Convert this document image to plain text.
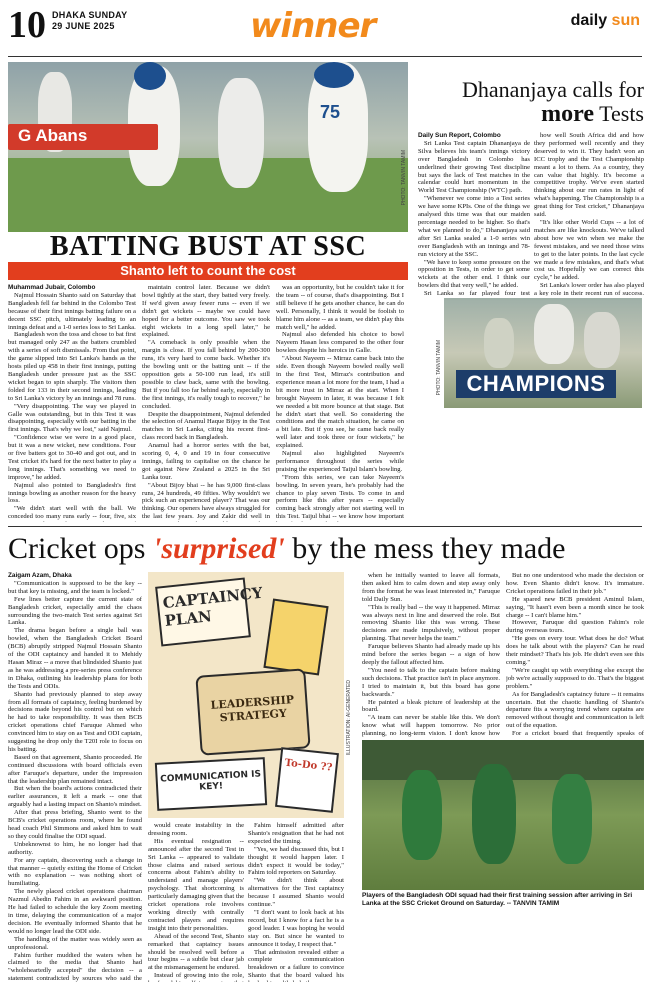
10 DHAKA SUNDAY
29 JUNE 2025	winner	daily sun
G Abans
75
PHOTO: TANVIN TAMIM
BATTING BUST AT SSC
Shanto left to count the cost

Muhammad Jubair, Colombo

Najmul Hossain Shanto said on Saturday that Bangladesh fell far behind in the Colombo Test because of their first innings batting failure on a decent SSC pitch, ultimately leading to an innings defeat and a 1-0 series loss to Sri Lanka.

Bangladesh won the toss and chose to bat first but managed only 247 as the batters crumbled with a series of soft dismissals. From that point, the game slipped into Sri Lanka's hands as the hosts piled up 458 in their first innings, putting Bangladesh under pressure just as the SSC wicket began to spin sharply. The visitors then folded for 133 in their second innings, leading to Sri Lanka's victory by an innings and 78 runs.

"Very disappointing. The way we played in Galle was outstanding, but in this Test it was disappointing, especially with our batting in the first innings. That's why we lost," said Najmul.

"Confidence wise we were in a good place, but it was a new wicket, new conditions. Four or five batters got to 30-40 and got out, and in Test cricket it's hard for the next batter to play a long innings. That's something we need to improve," he added.

Najmul also pointed to Bangladesh's first innings bowling as another reason for the heavy loss.

"We didn't start well with the ball. We conceded too many runs early -- four, five, six

maintain control later. Because we didn't bowl tightly at the start, they batted very freely. If we'd given away fewer runs -- even if we didn't get wickets -- maybe we could have hoped for a better outcome. You saw we took eight wickets in a long spell later," he explained.

"A comeback is only possible when the margin is close. If you fall behind by 200-300 runs, it's very hard to come back. Whether it's the bowling unit or the batting unit -- if the opposition gets a 50-100 run lead, it's still possible to claw back, same with the bowling. But if you fall too far behind early, especially in the first innings, it's really tough to recover," he concluded.

Despite the disappointment, Najmul defended the selection of Anamul Haque Bijoy in the Test matches in Sri Lanka, citing his recent first-class record back in Bangladesh.

Anamul had a horror series with the bat, scoring 0, 4, 0 and 19 in four consecutive innings, failing to capitalise on the chance he got against New Zealand a 2025 in the Sri Lanka tour.

"About Bijoy bhai -- he has 9,000 first-class runs, 24 hundreds, 49 fifties. Why wouldn't we pick such an experienced player? That was our thinking. Our openers have always struggled for the last few years. Joy and Zakir did well in

was an opportunity, but he couldn't take it for the team -- of course, that's disappointing. But I still believe if he gets another chance, he can do well. Personally, I think it would be foolish to blame him alone -- as a team, we didn't play this match well," he added.

Najmul also defended his choice to bowl Nayeem Hasan less compared to the other four bowlers despite his heroics in Galle.

"About Nayeem -- Mirraz came back into the side. Even though Nayeem bowled really well in the first Test, Mirraz's contribution and experience mean a lot more for the team, I had a bit more trust in Mirraz at the start. When I brought Nayeem in later, it was because I felt we needed a bit more bounce at that stage. But he didn't start that well. So considering the conditions and the match situation, he came on a bit late. But if you see, he came back really well later and took three or four wickets," he explained.

Najmul also highlighted Nayeem's performance throughout the series while praising the experienced Taijul Islam's bowling.

"From this series, we can take Nayeem's bowling. In seven years, he's probably had the chance to play seven Tests. To come in and perform like this after years -- especially coming back strongly after not starting well in this Test. Taijul bhai -- we know how important

Dhananjaya calls for
more Tests

Daily Sun Report, Colombo

Sri Lanka Test captain Dhananjaya de Silva believes his team's innings victory over Bangladesh in Colombo has underlined their growing Test discipline but says the lack of Test matches in the calendar could hurt momentum in the World Test Championship (WTC) path.

"Whenever we come into a Test series we have some KPIs. One of the things we analysed this time was that our maiden percentage needed to be higher. So that's what we planned to do," Dhananjaya said after Sri Lanka sealed a 1-0 series win over Bangladesh with an innings and 78-run victory at the SSC.

"We have to keep some pressure on the opposition in Tests, in order to get some wickets at the other end. I think our bowlers did that very well," he added.

Sri Lanka so far played four test

how well South Africa did and how they performed well recently and they deserved to win it. They hadn't won an ICC trophy and the Test Championship meant a lot to them. As a country, they can value that highly. It's become a competitive trophy. We've even started thinking about our run rates in light of what's happening. The Championship is a great thing for Test cricket," Dhananjaya said.

"It's like other World Cups -- a lot of matches are like knockouts. We've talked about how we win when we make the fewest mistakes, and we need those wins to get to the later points. In the last cycle we made a few mistakes, and that's what cost us. Hopefully we can correct this cycle," he added.

Sri Lanka's lower order has also played a key role in their recent run of success.

CHAMPIONS
PHOTO: TANVIN TAMIM
Cricket ops 'surprised' by the mess they made

Zaigam Azam, Dhaka

"Communication is supposed to be the key -- but that key is missing, and the team is locked."

Few lines better capture the current state of Bangladesh cricket, especially amid the chaos surrounding the two-match Test series against Sri Lanka.

The drama began before a single ball was bowled, when the Bangladesh Cricket Board (BCB) abruptly stripped Najmul Hossain Shanto of the ODI captaincy and handed it to Mehidy Hasan Miraz -- a move that blindsided Shanto just as he was addressing a pre-series press conference in Dhaka, outlining his leadership plans for both the Tests and ODIs.

Shanto had previously planned to step away from all formats of captaincy, feeling burdened by decisions made beyond his control but on which he had to take responsibility. It was then BCB cricket operations chief Faruque Ahmed who convinced him to stay on as Test and ODI captain, suggesting he drop only the T20I role to focus on his batting.

Based on that agreement, Shanto proceeded. He continued discussions with board officials even after Faruque's departure, under the impression that the leadership plan remained intact.

But when the board's actions contradicted their earlier assurances, it left a mark -- one that arguably had a lasting impact on Shanto's mindset.

After that press briefing, Shanto went to the BCB's cricket operations room, where he found head coach Phil Simmons and asked him to wait so they could finalise the ODI squad.

Unbeknownst to him, he no longer had that authority.

For any captain, discovering such a change in that manner -- quietly exiting the Home of Cricket with no explanation -- was nothing short of humiliating.

The newly placed cricket operations chairman Nazmul Abedin Fahim in an awkward position. He had failed to schedule the key Zoom meeting in time, delaying the communication of a major decision. He eventually informed Shanto that he would no longer lead the ODI side.

The handling of the matter was widely seen as unprofessional.

Fahim further muddied the waters when he claimed to the media that Shanto had "wholeheartedly accepted" the decision -- a statement contradicted by sources who said the

CAPTAINCY
PLAN
LEADERSHIP STRATEGY
COMMUNICATION IS KEY!
To-Do ??
ILLUSTRATION: AI-GENERATED

would create instability in the dressing room.

His eventual resignation -- announced after the second Test in Sri Lanka -- appeared to validate those claims and raised serious concerns about Fahim's ability to understand and manage players' psychology. That shortcoming is particularly damaging given that the cricket operations role involves working directly with centrally contracted players and requires insight into their personalities.

Ahead of the second Test, Shanto remarked that captaincy issues should be resolved well before a tour begins -- a subtle but clear jab at the mismanagement he endured.

Instead of growing into the role,

Fahim himself admitted after Shanto's resignation that he had not expected the timing.

"Yes, we had discussed this, but I thought it would happen later. I didn't expect it would be today," Fahim told reporters on Saturday.

"We didn't think about alternatives for the Test captaincy because I assumed Shanto would continue."

"I don't want to look back at his record, but I know for a fact he is a good leader. I was hoping he would stay on. But since he wanted to announce it today, I respect that."

That admission revealed either a complete communication breakdown or a failure to convince Shanto that the board valued his

when he initially wanted to leave all formats, then asked him to calm down and step away only from the format he was least interested in," Faruque told Daily Sun.

"This is really bad -- the way it happened. Mirraz was always next in line and deserved the role. But removing Shanto like this was wrong. These decisions are made impulsively, without proper planning. That never helps the team."

Faruque believes Shanto had already made up his mind before the series began -- a sign of how deeply the fallout affected him.

"You need to talk to the captain before making such decisions. That practice isn't in place anymore. I tried to maintain it, but this board has gone backwards."

He painted a bleak picture of leadership at the board.

"A team can never be stable like this. We don't know what will happen tomorrow. No prior planning, no long-term vision. I don't know how

But no one understood who made the decision or how. Even Shanto didn't know. It's immature. Cricket operations failed in their job."

He spared new BCB president Aminul Islam, saying, "It hasn't even been a month since he took charge -- I can't blame him."

However, Faruque did question Fahim's role during overseas tours.

"He goes on every tour. What does he do? What does he talk about with the players? Can he read their mindset? That's his job. He didn't even see this coming."

"We're caught up with everything else except the job we're actually supposed to do. That's the biggest problem."

As for Bangladesh's captaincy future -- it remains uncertain. But the chaotic handling of Shanto's departure fits a worrying trend where captains are removed without thought and communication is left out of the equation.

For a cricket board that frequently speaks of

Players of the Bangladesh ODI squad had their first training session after arriving in Sri Lanka at the SSC Cricket Ground on Saturday. -- TANVIN TAMIM
